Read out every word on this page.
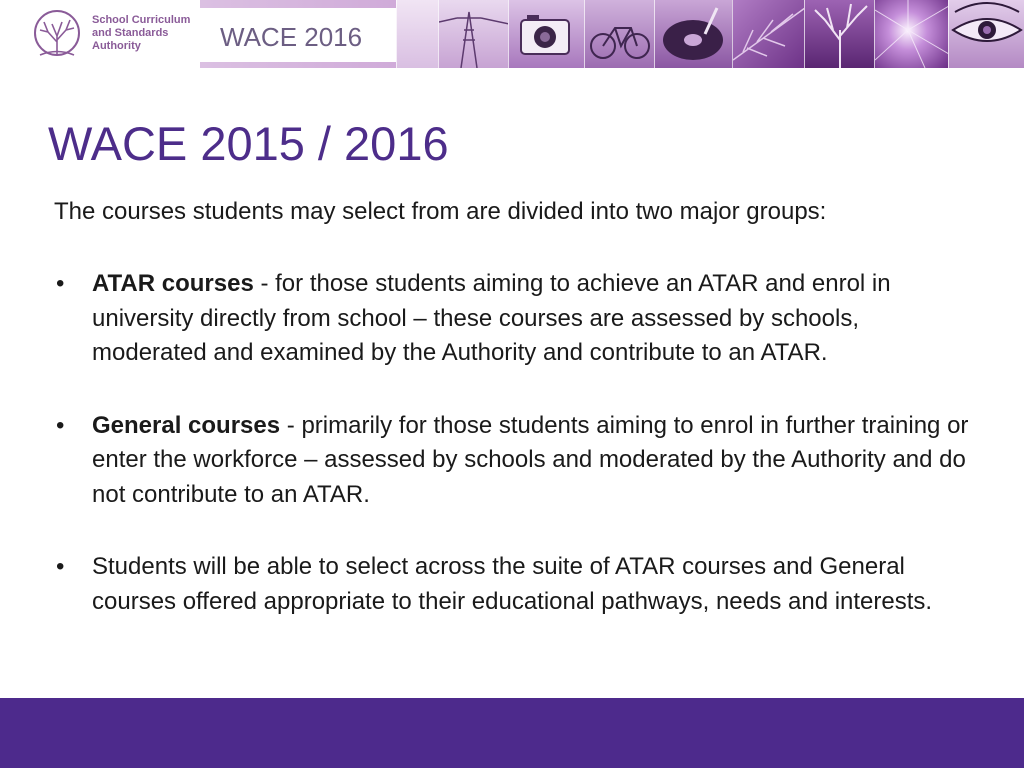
School Curriculum
and Standards
Authority	WACE 2016
WACE 2015 / 2016

The courses students may select from are divided into two major groups:

• ATAR courses - for those students aiming to achieve an ATAR and enrol in university directly from school – these courses are assessed by schools, moderated and examined by the Authority and contribute to an ATAR.
• General courses - primarily for those students aiming to enrol in further training or enter the workforce – assessed by schools and moderated by the Authority and do not contribute to an ATAR.
• Students will be able to select across the suite of ATAR courses and General courses offered appropriate to their educational pathways, needs and interests.
